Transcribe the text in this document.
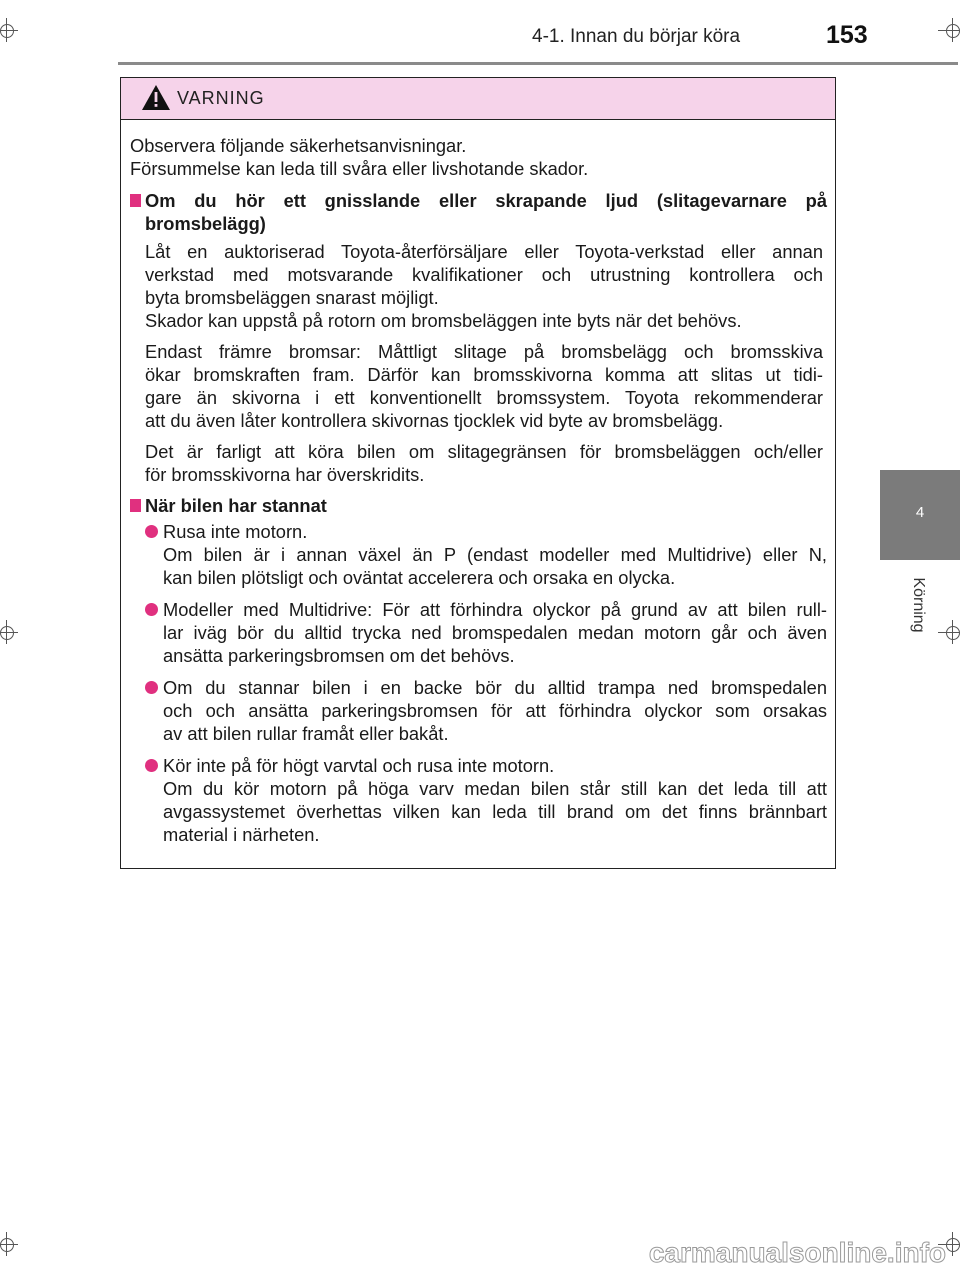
4-1. Innan du börjar köra	153
4
Körning
VARNING
Observera följande säkerhetsanvisningar.
Försummelse kan leda till svåra eller livshotande skador.
Om du hör ett gnisslande eller skrapande ljud (slitagevarnare på
bromsbelägg)
Låt en auktoriserad Toyota-återförsäljare eller Toyota-verkstad eller annan
verkstad med motsvarande kvalifikationer och utrustning kontrollera och
byta bromsbeläggen snarast möjligt.
Skador kan uppstå på rotorn om bromsbeläggen inte byts när det behövs.
Endast främre bromsar: Måttligt slitage på bromsbelägg och bromsskiva
ökar bromskraften fram. Därför kan bromsskivorna komma att slitas ut tidi-
gare än skivorna i ett konventionellt bromssystem. Toyota rekommenderar
att du även låter kontrollera skivornas tjocklek vid byte av bromsbelägg.
Det är farligt att köra bilen om slitagegränsen för bromsbeläggen och/eller
för bromsskivorna har överskridits.
När bilen har stannat
Rusa inte motorn.
Om bilen är i annan växel än P (endast modeller med Multidrive) eller N,
kan bilen plötsligt och oväntat accelerera och orsaka en olycka.
Modeller med Multidrive: För att förhindra olyckor på grund av att bilen rull-
lar iväg bör du alltid trycka ned bromspedalen medan motorn går och även
ansätta parkeringsbromsen om det behövs.
Om du stannar bilen i en backe bör du alltid trampa ned bromspedalen
och och ansätta parkeringsbromsen för att förhindra olyckor som orsakas
av att bilen rullar framåt eller bakåt.
Kör inte på för högt varvtal och rusa inte motorn.
Om du kör motorn på höga varv medan bilen står still kan det leda till att
avgassystemet överhettas vilken kan leda till brand om det finns brännbart
material i närheten.
carmanualsonline.info
